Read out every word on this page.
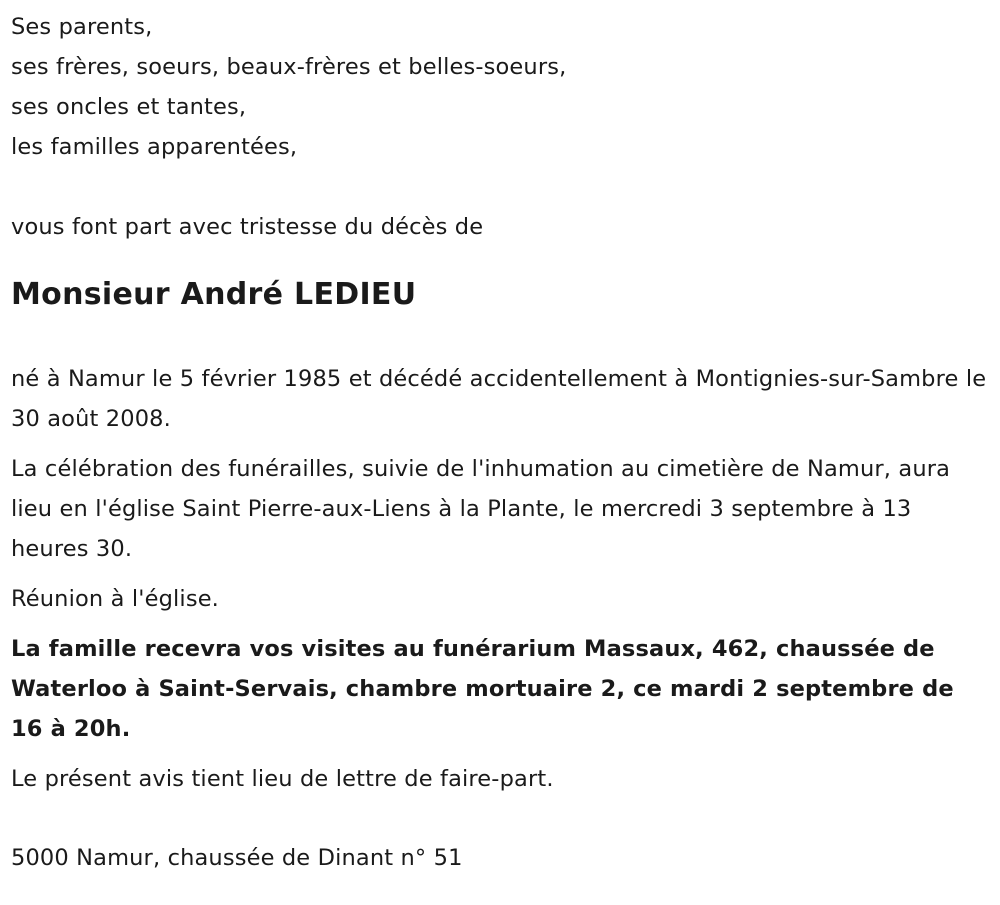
Ses parents,
ses frères, soeurs, beaux-frères et belles-soeurs,
ses oncles et tantes,
les familles apparentées,
vous font part avec tristesse du décès de
Monsieur André LEDIEU

né à Namur le 5 février 1985 et décédé accidentellement à Montignies-sur-Sambre le 30 août 2008.

La célébration des funérailles, suivie de l'inhumation au cimetière de Namur, aura lieu en l'église Saint Pierre-aux-Liens à la Plante, le mercredi 3 septembre à 13 heures 30.

Réunion à l'église.

La famille recevra vos visites au funérarium Massaux, 462, chaussée de Waterloo à Saint-Servais, chambre mortuaire 2, ce mardi 2 septembre de 16 à 20h.

Le présent avis tient lieu de lettre de faire-part.

5000 Namur, chaussée de Dinant n° 51
